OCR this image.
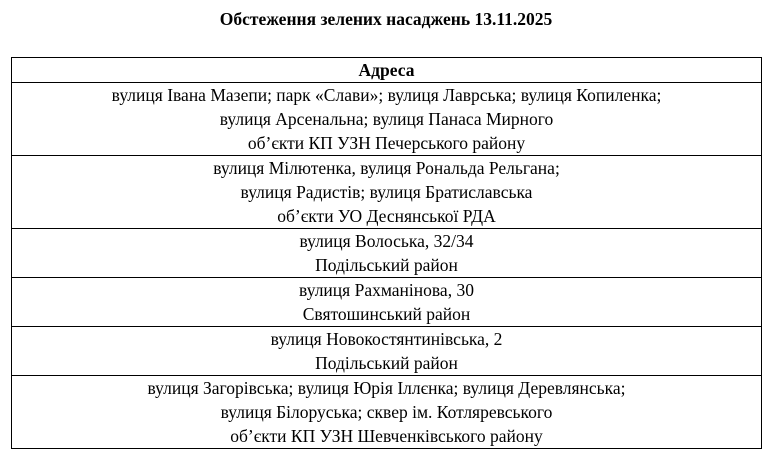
Обстеження зелених насаджень 13.11.2025
Адреса

вулиця Івана Мазепи; парк «Слави»; вулиця Лаврська; вулиця Копиленка;
вулиця Арсенальна; вулиця Панаса Мирного
об’єкти КП УЗН Печерського району

вулиця Мілютенка, вулиця Рональда Рельгана;
вулиця Радистів; вулиця Братиславська
об’єкти УО Деснянської РДА

вулиця Волоська, 32/34
Подільський район

вулиця Рахманінова, 30
Святошинський район

вулиця Новокостянтинівська, 2
Подільський район

вулиця Загорівська; вулиця Юрія Іллєнка; вулиця Деревлянська;
вулиця Білоруська; сквер ім. Котляревського
об’єкти КП УЗН Шевченківського району
